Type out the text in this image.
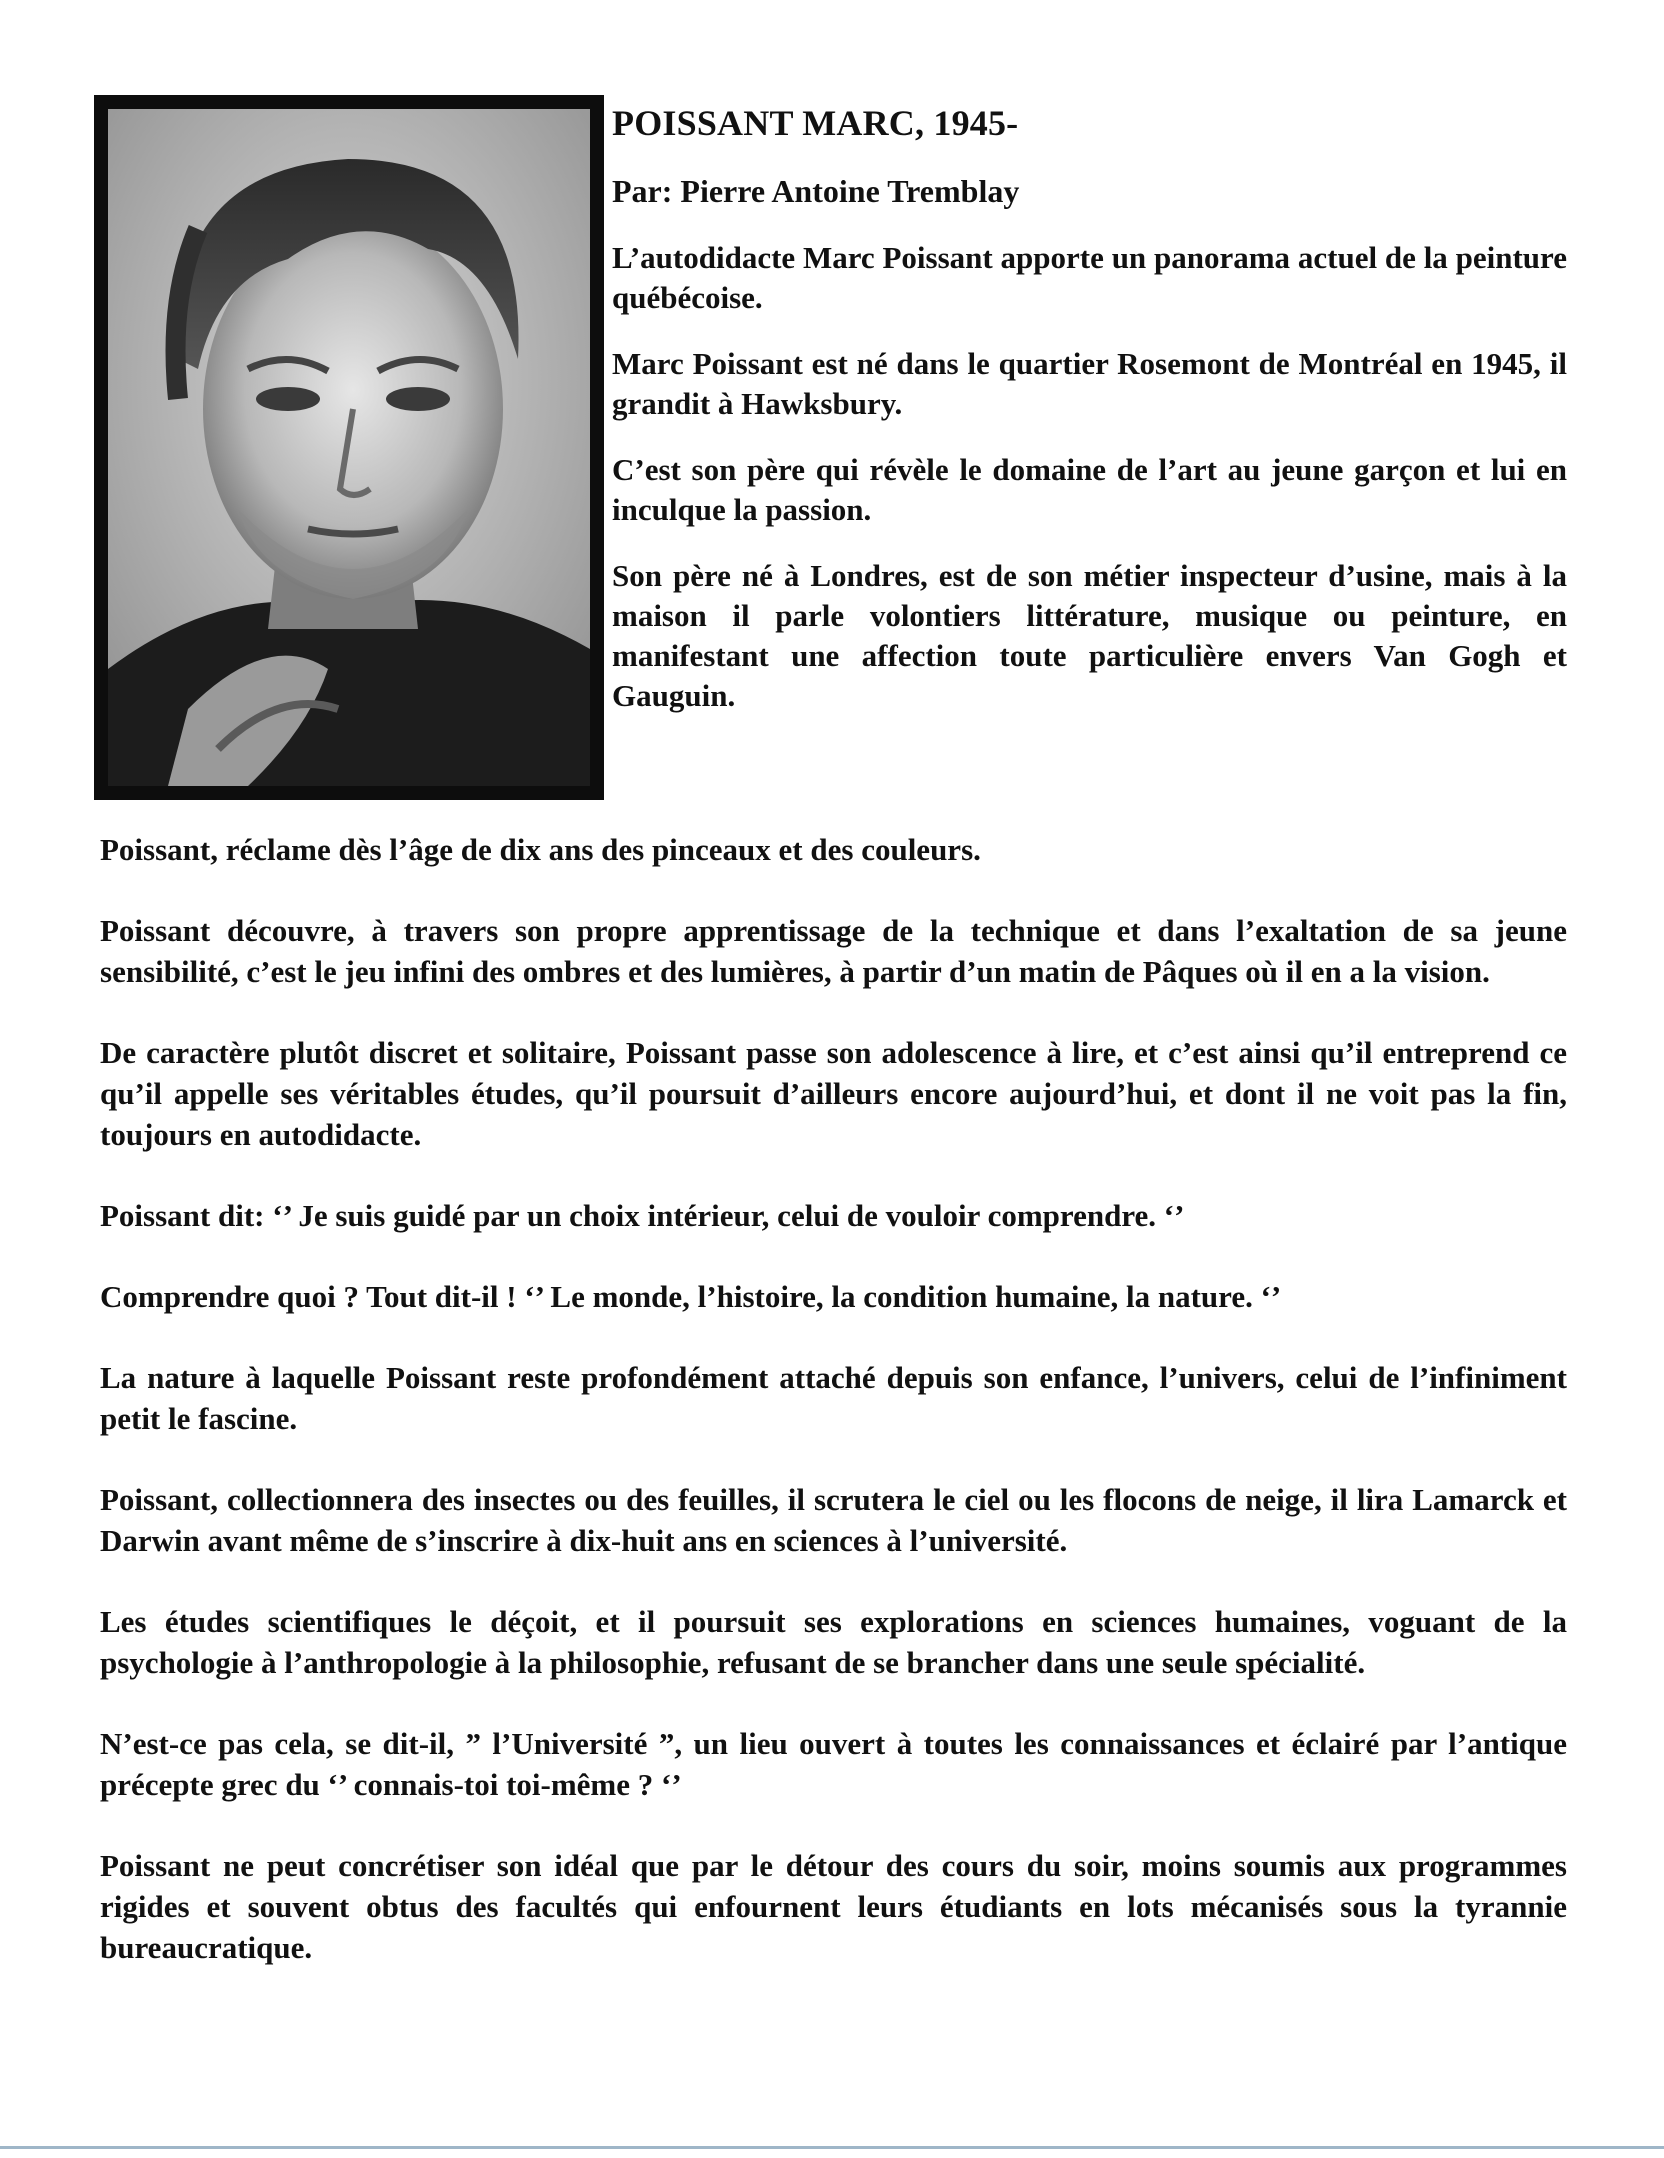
POISSANT MARC, 1945-
Par: Pierre Antoine Tremblay

L’autodidacte Marc Poissant apporte un panorama actuel de la peinture québécoise.

Marc Poissant est né dans le quartier Rosemont de Montréal en 1945, il grandit à Hawksbury.

C’est son père qui révèle le domaine de l’art au jeune garçon et lui en inculque la passion.

Son père né à Londres, est de son métier inspecteur d’usine, mais à la maison il parle volontiers littérature, musique ou peinture, en manifestant une affection toute particulière envers Van Gogh et Gauguin.

Poissant, réclame dès l’âge de dix ans des pinceaux et des couleurs.

Poissant découvre, à travers son propre apprentissage de la technique et dans l’exaltation de sa jeune sensibilité, c’est le jeu infini des ombres et des lumières, à partir d’un matin de Pâques où il en a la vision.

De caractère plutôt discret et solitaire, Poissant passe son adolescence à lire, et c’est ainsi qu’il entreprend ce qu’il appelle ses véritables études, qu’il poursuit d’ailleurs encore aujourd’hui, et dont il ne voit pas la fin, toujours en autodidacte.

Poissant dit: ‘’ Je suis guidé par un choix intérieur, celui de vouloir comprendre. ‘’

Comprendre quoi ? Tout dit-il ! ‘’ Le monde, l’histoire, la condition humaine, la nature. ‘’

La nature à laquelle Poissant reste profondément attaché depuis son enfance, l’univers, celui de l’infiniment petit le fascine.

Poissant, collectionnera des insectes ou des feuilles, il scrutera le ciel ou les flocons de neige, il lira Lamarck et Darwin avant même de s’inscrire à dix-huit ans en sciences à l’université.

Les études scientifiques le déçoit, et il poursuit ses explorations en sciences humaines, voguant de la psychologie à l’anthropologie à la philosophie, refusant de se brancher dans une seule spécialité.

N’est-ce pas cela, se dit-il, ” l’Université ”, un lieu ouvert à toutes les connaissances et éclairé par l’antique précepte grec du ‘’ connais-toi toi-même ? ‘’

Poissant ne peut concrétiser son idéal que par le détour des cours du soir, moins soumis aux programmes rigides et souvent obtus des facultés qui enfournent leurs étudiants en lots mécanisés sous la tyrannie bureaucratique.
